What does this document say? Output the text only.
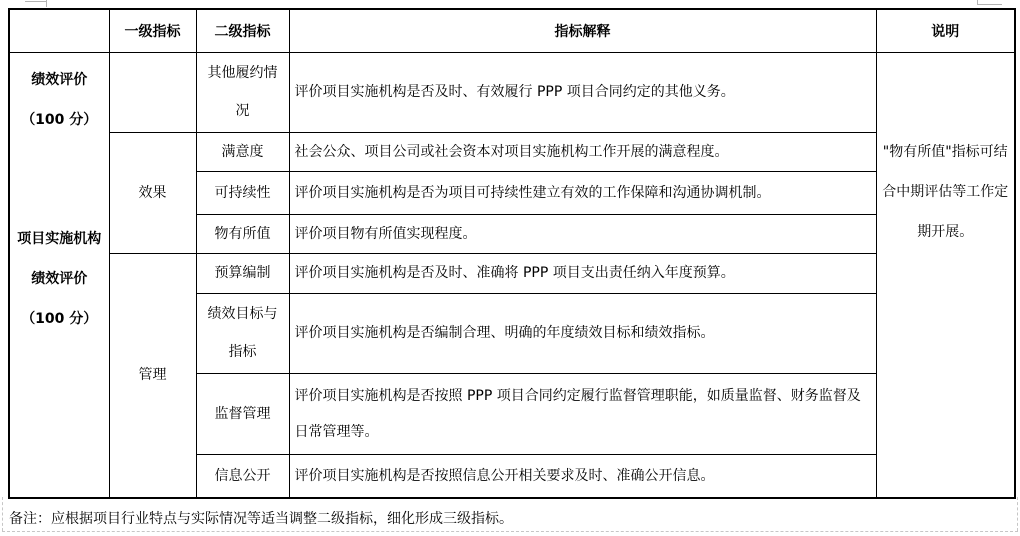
	一级指标	二级指标	指标解释	说明

绩效评价
（100 分）
项目实施机构
绩效评价
（100 分）		其他履约情况	评价项目实施机构是否及时、有效履行 PPP 项目合同约定的其他义务。	"物有所值"指标可结合中期评估等工作定期开展。

	效果	满意度	社会公众、项目公司或社会资本对项目实施机构工作开展的满意程度。	
		可持续性	评价项目实施机构是否为项目可持续性建立有效的工作保障和沟通协调机制。	
		物有所值	评价项目物有所值实现程度。	
	管理	预算编制	评价项目实施机构是否及时、准确将 PPP 项目支出责任纳入年度预算。	
		绩效目标与指标	评价项目实施机构是否编制合理、明确的年度绩效目标和绩效指标。	
		监督管理	评价项目实施机构是否按照 PPP 项目合同约定履行监督管理职能，如质量监督、财务监督及日常管理等。	
		信息公开	评价项目实施机构是否按照信息公开相关要求及时、准确公开信息。	
备注：应根据项目行业特点与实际情况等适当调整二级指标，细化形成三级指标。
